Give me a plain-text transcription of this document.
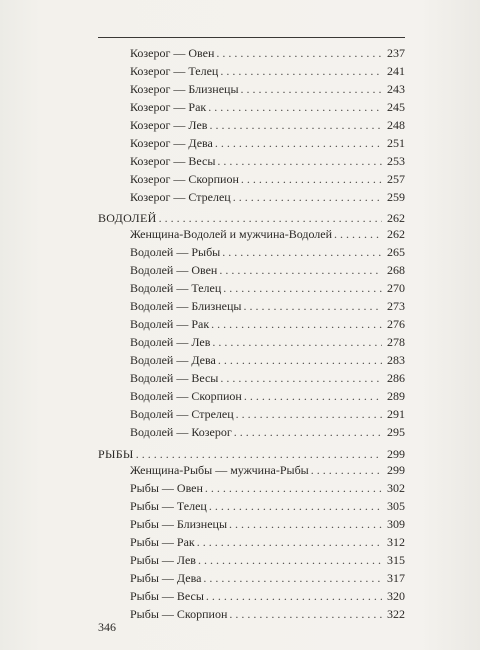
Козерог — Овен . . .	237
Козерог — Телец . . .	241
Козерог — Близнецы . . .	243
Козерог — Рак . . .	245
Козерог — Лев . . .	248
Козерог — Дева . . .	251
Козерог — Весы . . .	253
Козерог — Скорпион . . .	257
Козерог — Стрелец . . .	259
ВОДОЛЕЙ . . .	262
Женщина-Водолей и мужчина-Водолей . . .	262
Водолей — Рыбы . . .	265
Водолей — Овен . . .	268
Водолей — Телец . . .	270
Водолей — Близнецы . . .	273
Водолей — Рак . . .	276
Водолей — Лев . . .	278
Водолей — Дева . . .	283
Водолей — Весы . . .	286
Водолей — Скорпион . . .	289
Водолей — Стрелец . . .	291
Водолей — Козерог . . .	295
РЫБЫ . . .	299
Женщина-Рыбы — мужчина-Рыбы . . .	299
Рыбы — Овен . . .	302
Рыбы — Телец . . .	305
Рыбы — Близнецы . . .	309
Рыбы — Рак . . .	312
Рыбы — Лев . . .	315
Рыбы — Дева . . .	317
Рыбы — Весы . . .	320
Рыбы — Скорпион . . .	322
346
